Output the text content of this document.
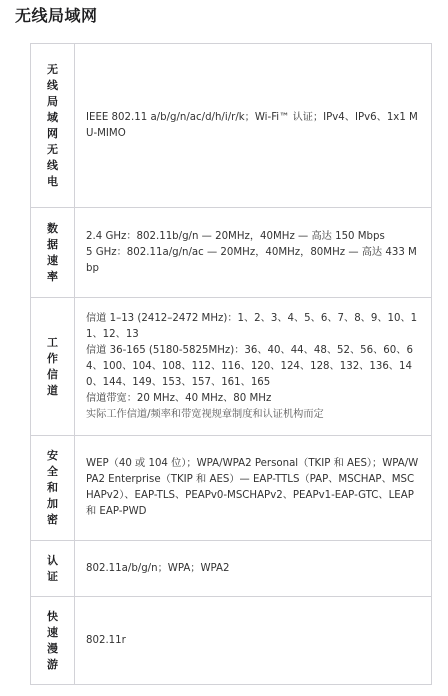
无线局域网
无线局域网无线电	IEEE 802.11 a/b/g/n/ac/d/h/i/r/k；Wi-Fi™ 认证；IPv4、IPv6、1x1 MU-MIMO

数据速率	2.4 GHz：802.11b/g/n — 20MHz，40MHz — 高达 150 Mbps
5 GHz：802.11a/g/n/ac — 20MHz，40MHz，80MHz — 高达 433 Mbp

工作信道	信道 1–13 (2412–2472 MHz)：1、2、3、4、5、6、7、8、9、10、11、12、13
信道 36-165 (5180-5825MHz)：36、40、44、48、52、56、60、64、100、104、108、112、116、120、124、128、132、136、140、144、149、153、157、161、165
信道带宽：20 MHz、40 MHz、80 MHz
实际工作信道/频率和带宽视规章制度和认证机构而定

安全和加密	WEP（40 或 104 位）；WPA/WPA2 Personal（TKIP 和 AES）；WPA/WPA2 Enterprise（TKIP 和 AES）— EAP-TTLS（PAP、MSCHAP、MSCHAPv2）、EAP-TLS、PEAPv0-MSCHAPv2、PEAPv1-EAP-GTC、LEAP 和 EAP-PWD

认证	802.11a/b/g/n；WPA；WPA2

快速漫游	802.11r
